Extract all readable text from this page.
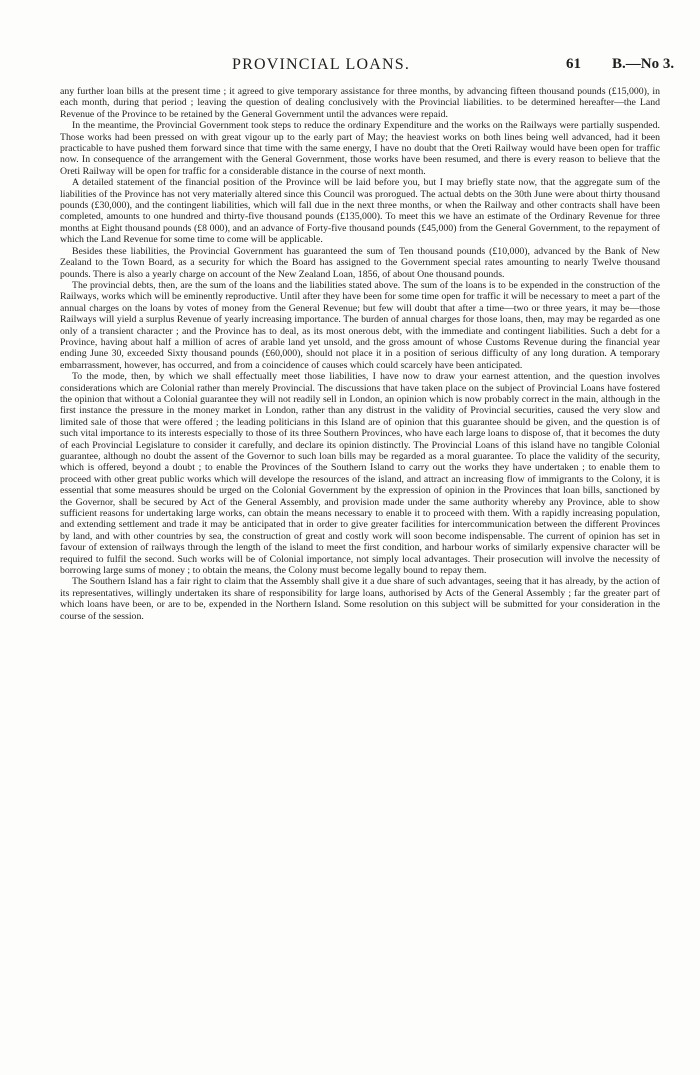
PROVINCIAL LOANS.	61 B.—No 3.

any further loan bills at the present time ; it agreed to give temporary assistance for three months, by advancing fifteen thousand pounds (£15,000), in each month, during that period ; leaving the question of dealing conclusively with the Provincial liabilities. to be determined hereafter—the Land Revenue of the Province to be retained by the General Government until the advances were repaid.

In the meantime, the Provincial Government took steps to reduce the ordinary Expenditure and the works on the Railways were partially suspended. Those works had been pressed on with great vigour up to the early part of May; the heaviest works on both lines being well advanced, had it been practicable to have pushed them forward since that time with the same energy, I have no doubt that the Oreti Railway would have been open for traffic now. In consequence of the arrangement with the General Government, those works have been resumed, and there is every reason to believe that the Oreti Railway will be open for traffic for a considerable distance in the course of next month.

A detailed statement of the financial position of the Province will be laid before you, but I may briefly state now, that the aggregate sum of the liabilities of the Province has not very materially altered since this Council was prorogued. The actual debts on the 30th June were about thirty thousand pounds (£30,000), and the contingent liabilities, which will fall due in the next three months, or when the Railway and other contracts shall have been completed, amounts to one hundred and thirty-five thousand pounds (£135,000). To meet this we have an estimate of the Ordinary Revenue for three months at Eight thousand pounds (£8 000), and an advance of Forty-five thousand pounds (£45,000) from the General Government, to the repayment of which the Land Revenue for some time to come will be applicable.

Besides these liabilities, the Provincial Government has guaranteed the sum of Ten thousand pounds (£10,000), advanced by the Bank of New Zealand to the Town Board, as a security for which the Board has assigned to the Government special rates amounting to nearly Twelve thousand pounds. There is also a yearly charge on account of the New Zealand Loan, 1856, of about One thousand pounds.

The provincial debts, then, are the sum of the loans and the liabilities stated above. The sum of the loans is to be expended in the construction of the Railways, works which will be eminently reproductive. Until after they have been for some time open for traffic it will be necessary to meet a part of the annual charges on the loans by votes of money from the General Revenue; but few will doubt that after a time—two or three years, it may be—those Railways will yield a surplus Revenue of yearly increasing importance. The burden of annual charges for those loans, then, may may be regarded as one only of a transient character ; and the Province has to deal, as its most onerous debt, with the immediate and contingent liabilities. Such a debt for a Province, having about half a million of acres of arable land yet unsold, and the gross amount of whose Customs Revenue during the financial year ending June 30, exceeded Sixty thousand pounds (£60,000), should not place it in a position of serious difficulty of any long duration. A temporary embarrassment, however, has occurred, and from a coincidence of causes which could scarcely have been anticipated.

To the mode, then, by which we shall effectually meet those liabilities, I have now to draw your earnest attention, and the question involves considerations which are Colonial rather than merely Provincial. The discussions that have taken place on the subject of Provincial Loans have fostered the opinion that without a Colonial guarantee they will not readily sell in London, an opinion which is now probably correct in the main, although in the first instance the pressure in the money market in London, rather than any distrust in the validity of Provincial securities, caused the very slow and limited sale of those that were offered ; the leading politicians in this Island are of opinion that this guarantee should be given, and the question is of such vital importance to its interests especially to those of its three Southern Provinces, who have each large loans to dispose of, that it becomes the duty of each Provincial Legislature to consider it carefully, and declare its opinion distinctly. The Provincial Loans of this island have no tangible Colonial guarantee, although no doubt the assent of the Governor to such loan bills may be regarded as a moral guarantee. To place the validity of the security, which is offered, beyond a doubt ; to enable the Provinces of the Southern Island to carry out the works they have undertaken ; to enable them to proceed with other great public works which will develope the resources of the island, and attract an increasing flow of immigrants to the Colony, it is essential that some measures should be urged on the Colonial Government by the expression of opinion in the Provinces that loan bills, sanctioned by the Governor, shall be secured by Act of the General Assembly, and provision made under the same authority whereby any Province, able to show sufficient reasons for undertaking large works, can obtain the means necessary to enable it to proceed with them. With a rapidly increasing population, and extending settlement and trade it may be anticipated that in order to give greater facilities for intercommunication between the different Provinces by land, and with other countries by sea, the construction of great and costly work will soon become indispensable. The current of opinion has set in favour of extension of railways through the length of the island to meet the first condition, and harbour works of similarly expensive character will be required to fulfil the second. Such works will be of Colonial importance, not simply local advantages. Their prosecution will involve the necessity of borrowing large sums of money ; to obtain the means, the Colony must become legally bound to repay them.

The Southern Island has a fair right to claim that the Assembly shall give it a due share of such advantages, seeing that it has already, by the action of its representatives, willingly undertaken its share of responsibility for large loans, authorised by Acts of the General Assembly ; far the greater part of which loans have been, or are to be, expended in the Northern Island. Some resolution on this subject will be submitted for your consideration in the course of the session.
